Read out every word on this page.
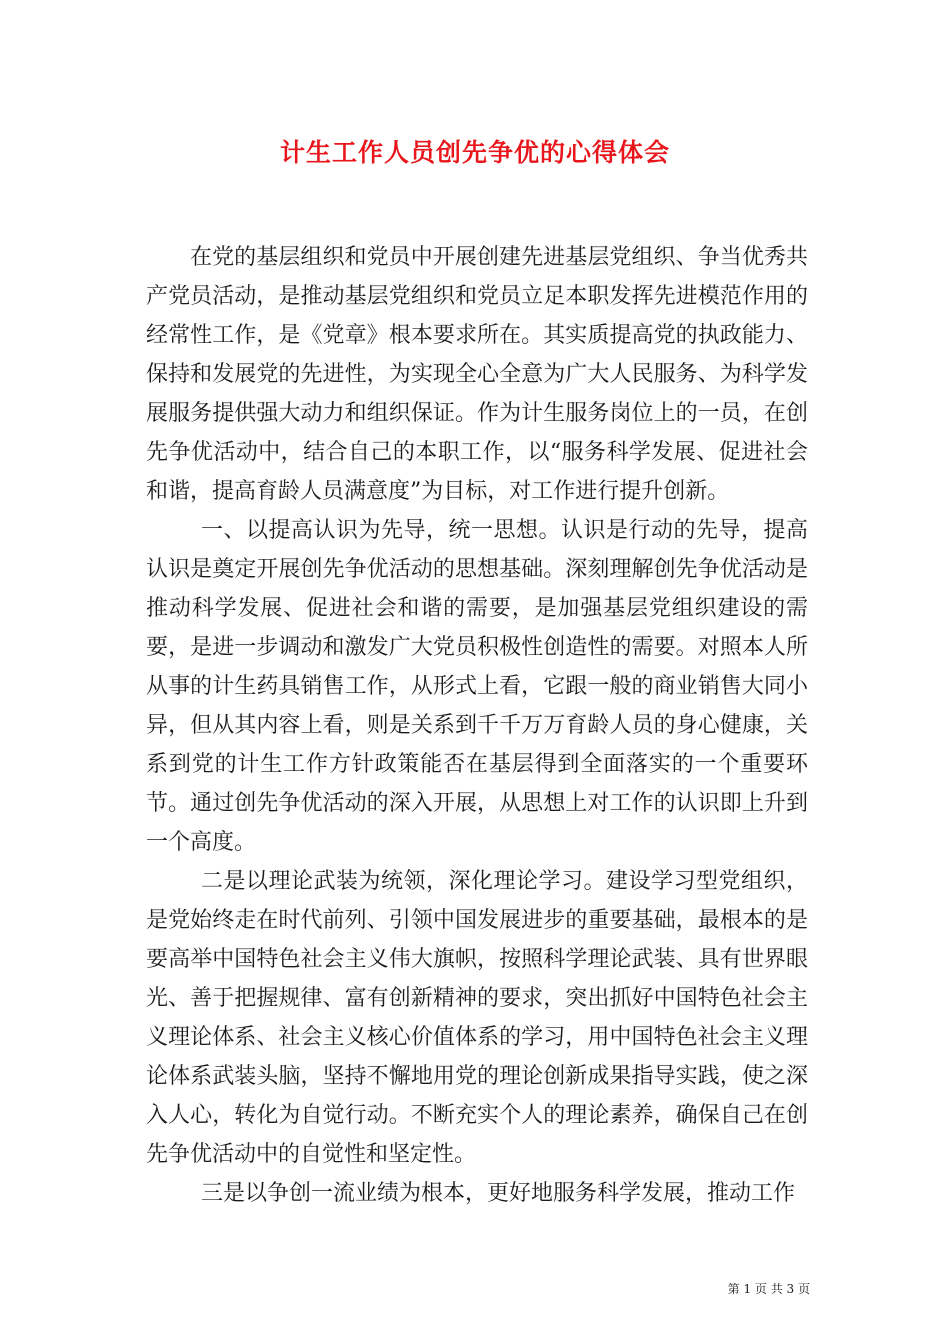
计生工作人员创先争优的心得体会

在党的基层组织和党员中开展创建先进基层党组织、争当优秀共产党员活动，是推动基层党组织和党员立足本职发挥先进模范作用的经常性工作，是《党章》根本要求所在。其实质提高党的执政能力、保持和发展党的先进性，为实现全心全意为广大人民服务、为科学发展服务提供强大动力和组织保证。作为计生服务岗位上的一员，在创先争优活动中，结合自己的本职工作，以“服务科学发展、促进社会和谐，提高育龄人员满意度”为目标，对工作进行提升创新。

一、以提高认识为先导，统一思想。认识是行动的先导，提高认识是奠定开展创先争优活动的思想基础。深刻理解创先争优活动是推动科学发展、促进社会和谐的需要，是加强基层党组织建设的需要，是进一步调动和激发广大党员积极性创造性的需要。对照本人所从事的计生药具销售工作，从形式上看，它跟一般的商业销售大同小异，但从其内容上看，则是关系到千千万万育龄人员的身心健康，关系到党的计生工作方针政策能否在基层得到全面落实的一个重要环节。通过创先争优活动的深入开展，从思想上对工作的认识即上升到一个高度。

二是以理论武装为统领，深化理论学习。建设学习型党组织，是党始终走在时代前列、引领中国发展进步的重要基础，最根本的是要高举中国特色社会主义伟大旗帜，按照科学理论武装、具有世界眼光、善于把握规律、富有创新精神的要求，突出抓好中国特色社会主义理论体系、社会主义核心价值体系的学习，用中国特色社会主义理论体系武装头脑，坚持不懈地用党的理论创新成果指导实践，使之深入人心，转化为自觉行动。不断充实个人的理论素养，确保自己在创先争优活动中的自觉性和坚定性。

三是以争创一流业绩为根本，更好地服务科学发展，推动工作

第 1 页 共 3 页
